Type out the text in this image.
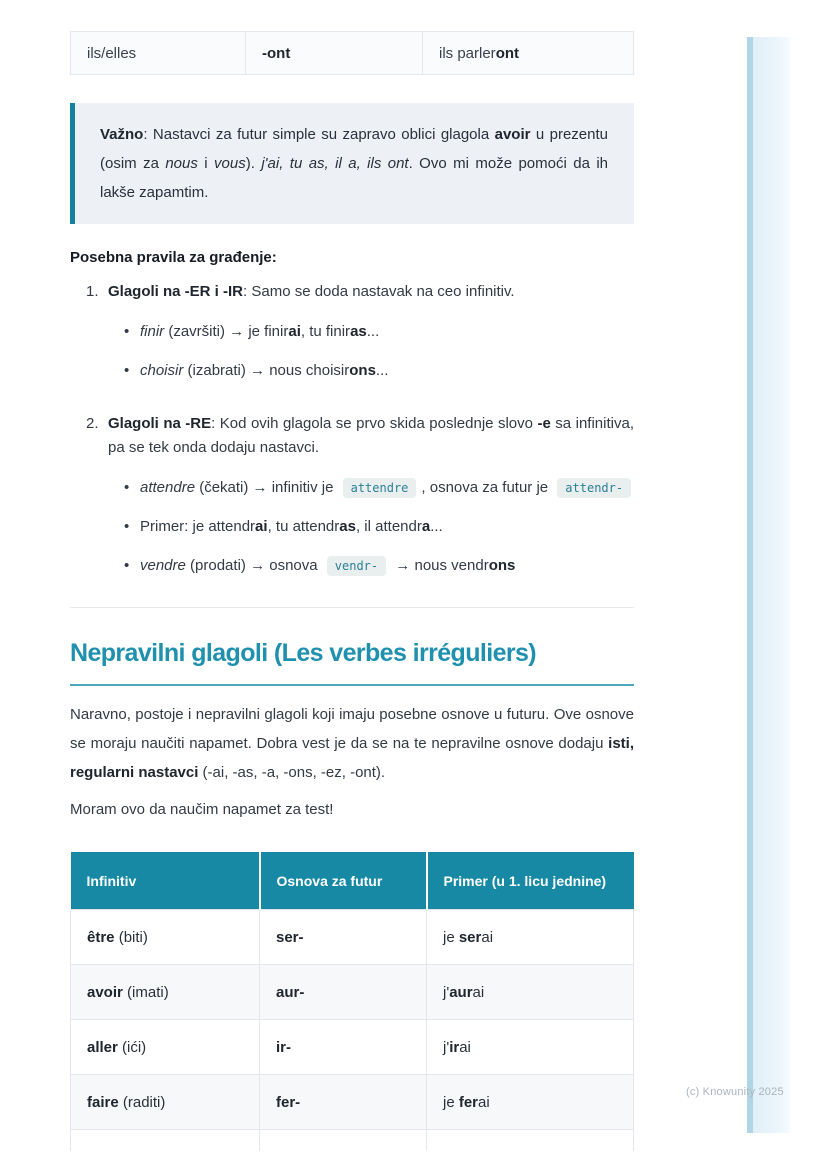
ils/elles	-ont	ils parleront
Važno: Nastavci za futur simple su zapravo oblici glagola avoir u prezentu (osim za nous i vous). j'ai, tu as, il a, ils ont. Ovo mi može pomoći da ih lakše zapamtim.
Posebna pravila za građenje:
1. Glagoli na -ER i -IR: Samo se doda nastavak na ceo infinitiv.
•
finir (završiti) → je finirai, tu finiras...
•
choisir (izabrati) → nous choisirons...
2. Glagoli na -RE: Kod ovih glagola se prvo skida poslednje slovo -e sa infinitiva, pa se tek onda dodaju nastavci.
•
attendre (čekati) → infinitiv je attendre , osnova za futur je attendr-
•
Primer: je attendrai, tu attendras, il attendra...
•
vendre (prodati) → osnova vendr- → nous vendrons
Nepravilni glagoli (Les verbes irréguliers)

Naravno, postoje i nepravilni glagoli koji imaju posebne osnove u futuru. Ove osnove se moraju naučiti napamet. Dobra vest je da se na te nepravilne osnove dodaju isti, regularni nastavci (-ai, -as, -a, -ons, -ez, -ont).

Moram ovo da naučim napamet za test!

Infinitiv	Osnova za futur	Primer (u 1. licu jednine)
être (biti)	ser-	je serai
avoir (imati)	aur-	j'aurai
aller (ići)	ir-	j'irai
faire (raditi)	fer-	je ferai

(c) Knowunity 2025
